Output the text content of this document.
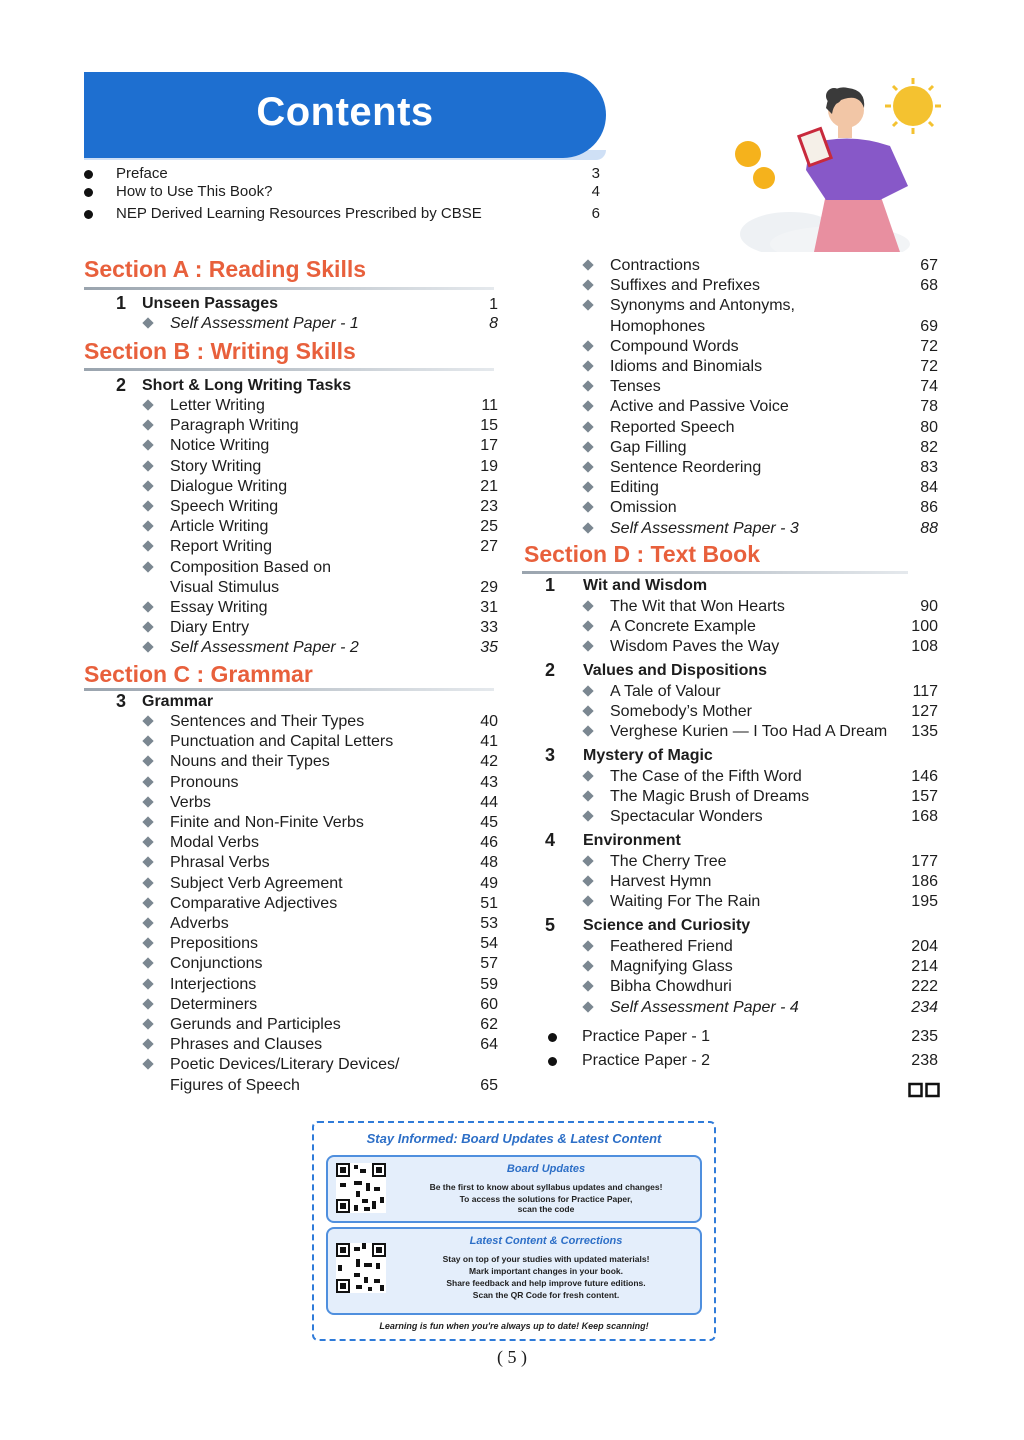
Contents
Preface	3
How to Use This Book?	4
NEP Derived Learning Resources Prescribed by CBSE	6
Section A : Reading Skills
1 Unseen Passages	1
Self Assessment Paper - 1	8
Section B : Writing Skills
2 Short & Long Writing Tasks
Letter Writing	11
Paragraph Writing	15
Notice Writing	17
Story Writing	19
Dialogue Writing	21
Speech Writing	23
Article Writing	25
Report Writing	27
Composition Based on
Visual Stimulus	29
Essay Writing	31
Diary Entry	33
Self Assessment Paper - 2	35
Section C : Grammar
3 Grammar
Sentences and Their Types	40
Punctuation and Capital Letters	41
Nouns and their Types	42
Pronouns	43
Verbs	44
Finite and Non-Finite Verbs	45
Modal Verbs	46
Phrasal Verbs	48
Subject Verb Agreement	49
Comparative Adjectives	51
Adverbs	53
Prepositions	54
Conjunctions	57
Interjections	59
Determiners	60
Gerunds and Participles	62
Phrases and Clauses	64
Poetic Devices/Literary Devices/
Figures of Speech	65
Contractions	67
Suffixes and Prefixes	68
Synonyms and Antonyms,
Homophones	69
Compound Words	72
Idioms and Binomials	72
Tenses	74
Active and Passive Voice	78
Reported Speech	80
Gap Filling	82
Sentence Reordering	83
Editing	84
Omission	86
Self Assessment Paper - 3	88
Section D : Text Book
1 Wit and Wisdom
The Wit that Won Hearts	90
A Concrete Example	100
Wisdom Paves the Way	108
2 Values and Dispositions
A Tale of Valour	117
Somebody’s Mother	127
Verghese Kurien — I Too Had A Dream 135
3 Mystery of Magic
The Case of the Fifth Word	146
The Magic Brush of Dreams	157
Spectacular Wonders	168
4 Environment
The Cherry Tree	177
Harvest Hymn	186
Waiting For The Rain	195
5 Science and Curiosity
Feathered Friend	204
Magnifying Glass	214
Bibha Chowdhuri	222
Self Assessment Paper - 4	234
Practice Paper - 1	235
Practice Paper - 2	238
Stay Informed: Board Updates & Latest Content
Board Updates
Be the first to know about syllabus updates and changes!
To access the solutions for Practice Paper,
scan the code
Latest Content & Corrections
Stay on top of your studies with updated materials!
Mark important changes in your book.
Share feedback and help improve future editions.
Scan the QR Code for fresh content.
Learning is fun when you're always up to date! Keep scanning!
( 5 )
